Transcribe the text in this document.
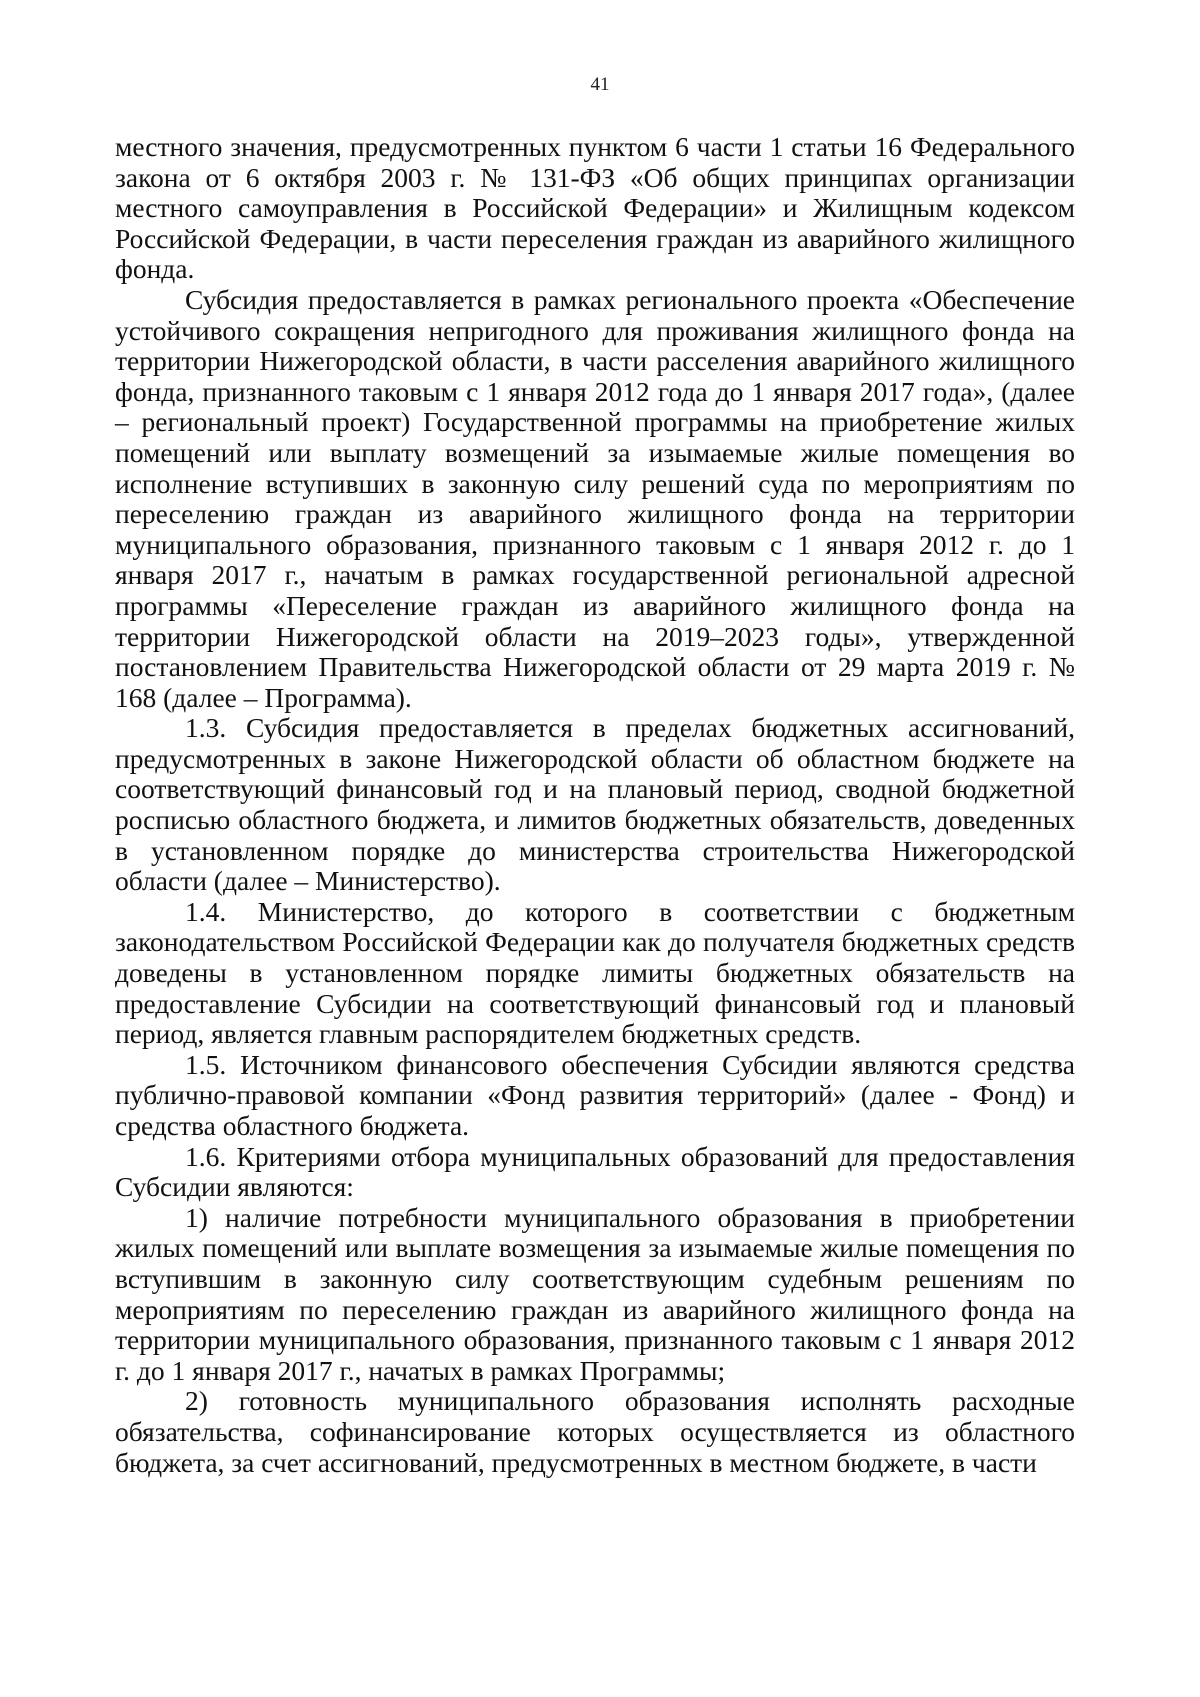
41

местного значения, предусмотренных пунктом 6 части 1 статьи 16 Федерального закона от 6 октября 2003 г. № 131-ФЗ «Об общих принципах организации местного самоуправления в Российской Федерации» и Жилищным кодексом Российской Федерации, в части переселения граждан из аварийного жилищного фонда.

Субсидия предоставляется в рамках регионального проекта «Обеспечение устойчивого сокращения непригодного для проживания жилищного фонда на территории Нижегородской области, в части расселения аварийного жилищного фонда, признанного таковым с 1 января 2012 года до 1 января 2017 года», (далее – региональный проект) Государственной программы на приобретение жилых помещений или выплату возмещений за изымаемые жилые помещения во исполнение вступивших в законную силу решений суда по мероприятиям по переселению граждан из аварийного жилищного фонда на территории муниципального образования, признанного таковым с 1 января 2012 г. до 1 января 2017 г., начатым в рамках государственной региональной адресной программы «Переселение граждан из аварийного жилищного фонда на территории Нижегородской области на 2019–2023 годы», утвержденной постановлением Правительства Нижегородской области от 29 марта 2019 г. № 168 (далее – Программа).

1.3. Субсидия предоставляется в пределах бюджетных ассигнований, предусмотренных в законе Нижегородской области об областном бюджете на соответствующий финансовый год и на плановый период, сводной бюджетной росписью областного бюджета, и лимитов бюджетных обязательств, доведенных в установленном порядке до министерства строительства Нижегородской области (далее – Министерство).

1.4. Министерство, до которого в соответствии с бюджетным законодательством Российской Федерации как до получателя бюджетных средств доведены в установленном порядке лимиты бюджетных обязательств на предоставление Субсидии на соответствующий финансовый год и плановый период, является главным распорядителем бюджетных средств.

1.5. Источником финансового обеспечения Субсидии являются средства публично-правовой компании «Фонд развития территорий» (далее - Фонд) и средства областного бюджета.

1.6. Критериями отбора муниципальных образований для предоставления Субсидии являются:

1) наличие потребности муниципального образования в приобретении жилых помещений или выплате возмещения за изымаемые жилые помещения по вступившим в законную силу соответствующим судебным решениям по мероприятиям по переселению граждан из аварийного жилищного фонда на территории муниципального образования, признанного таковым с 1 января 2012 г. до 1 января 2017 г., начатых в рамках Программы;

2) готовность муниципального образования исполнять расходные обязательства, софинансирование которых осуществляется из областного бюджета, за счет ассигнований, предусмотренных в местном бюджете, в части
